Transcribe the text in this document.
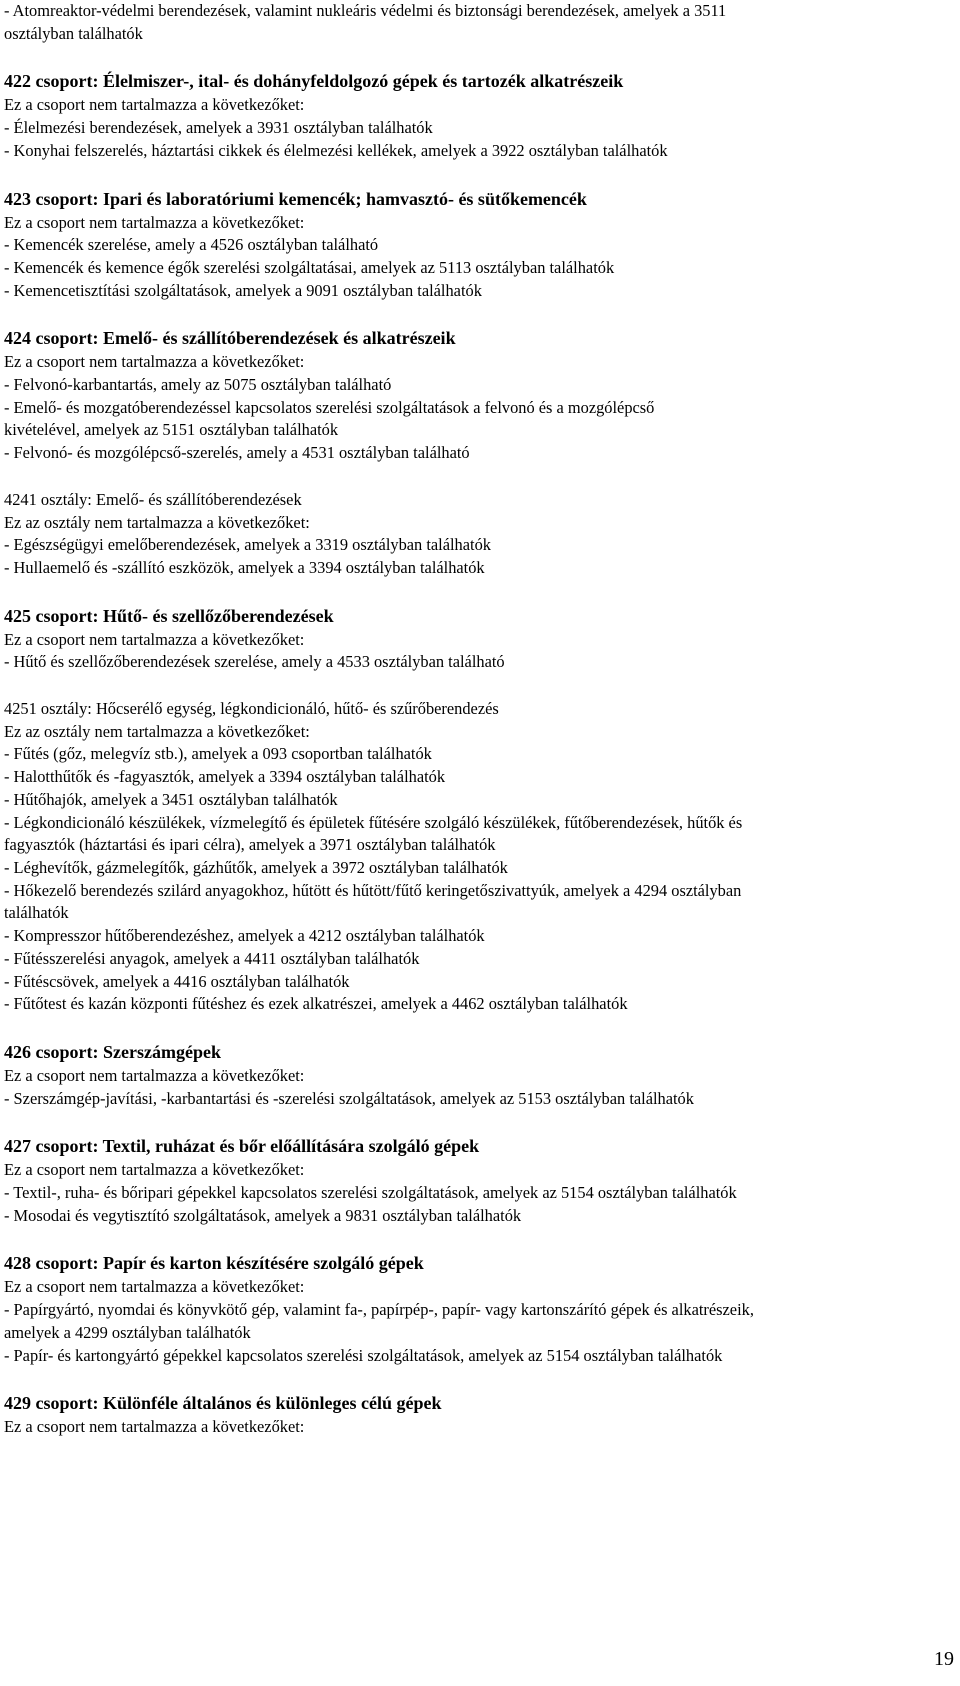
- Atomreaktor-védelmi berendezések, valamint nukleáris védelmi és biztonsági berendezések, amelyek a 3511
osztályban találhatók
422 csoport: Élelmiszer-, ital- és dohányfeldolgozó gépek és tartozék alkatrészeik
Ez a csoport nem tartalmazza a következőket:
- Élelmezési berendezések, amelyek a 3931 osztályban találhatók
- Konyhai felszerelés, háztartási cikkek és élelmezési kellékek, amelyek a 3922 osztályban találhatók
423 csoport: Ipari és laboratóriumi kemencék; hamvasztó- és sütőkemencék
Ez a csoport nem tartalmazza a következőket:
- Kemencék szerelése, amely a 4526 osztályban található
- Kemencék és kemence égők szerelési szolgáltatásai, amelyek az 5113 osztályban találhatók
- Kemencetisztítási szolgáltatások, amelyek a 9091 osztályban találhatók
424 csoport: Emelő- és szállítóberendezések és alkatrészeik
Ez a csoport nem tartalmazza a következőket:
- Felvonó-karbantartás, amely az 5075 osztályban található
- Emelő- és mozgatóberendezéssel kapcsolatos szerelési szolgáltatások a felvonó és a mozgólépcső
kivételével, amelyek az 5151 osztályban találhatók
- Felvonó- és mozgólépcső-szerelés, amely a 4531 osztályban található
4241 osztály: Emelő- és szállítóberendezések
Ez az osztály nem tartalmazza a következőket:
- Egészségügyi emelőberendezések, amelyek a 3319 osztályban találhatók
- Hullaemelő és -szállító eszközök, amelyek a 3394 osztályban találhatók
425 csoport: Hűtő- és szellőzőberendezések
Ez a csoport nem tartalmazza a következőket:
- Hűtő és szellőzőberendezések szerelése, amely a 4533 osztályban található
4251 osztály: Hőcserélő egység, légkondicionáló, hűtő- és szűrőberendezés
Ez az osztály nem tartalmazza a következőket:
- Fűtés (gőz, melegvíz stb.), amelyek a 093 csoportban találhatók
- Halotthűtők és -fagyasztók, amelyek a 3394 osztályban találhatók
- Hűtőhajók, amelyek a 3451 osztályban találhatók
- Légkondicionáló készülékek, vízmelegítő és épületek fűtésére szolgáló készülékek, fűtőberendezések, hűtők és
fagyasztók (háztartási és ipari célra), amelyek a 3971 osztályban találhatók
- Léghevítők, gázmelegítők, gázhűtők, amelyek a 3972 osztályban találhatók
- Hőkezelő berendezés szilárd anyagokhoz, hűtött és hűtött/fűtő keringetőszivattyúk, amelyek a 4294 osztályban
találhatók
- Kompresszor hűtőberendezéshez, amelyek a 4212 osztályban találhatók
- Fűtésszerelési anyagok, amelyek a 4411 osztályban találhatók
- Fűtéscsövek, amelyek a 4416 osztályban találhatók
- Fűtőtest és kazán központi fűtéshez és ezek alkatrészei, amelyek a 4462 osztályban találhatók
426 csoport: Szerszámgépek
Ez a csoport nem tartalmazza a következőket:
- Szerszámgép-javítási, -karbantartási és -szerelési szolgáltatások, amelyek az 5153 osztályban találhatók
427 csoport: Textil, ruházat és bőr előállítására szolgáló gépek
Ez a csoport nem tartalmazza a következőket:
- Textil-, ruha- és bőripari gépekkel kapcsolatos szerelési szolgáltatások, amelyek az 5154 osztályban találhatók
- Mosodai és vegytisztító szolgáltatások, amelyek a 9831 osztályban találhatók
428 csoport: Papír és karton készítésére szolgáló gépek
Ez a csoport nem tartalmazza a következőket:
- Papírgyártó, nyomdai és könyvkötő gép, valamint fa-, papírpép-, papír- vagy kartonszárító gépek és alkatrészeik,
amelyek a 4299 osztályban találhatók
- Papír- és kartongyártó gépekkel kapcsolatos szerelési szolgáltatások, amelyek az 5154 osztályban találhatók
429 csoport: Különféle általános és különleges célú gépek
Ez a csoport nem tartalmazza a következőket:
19
